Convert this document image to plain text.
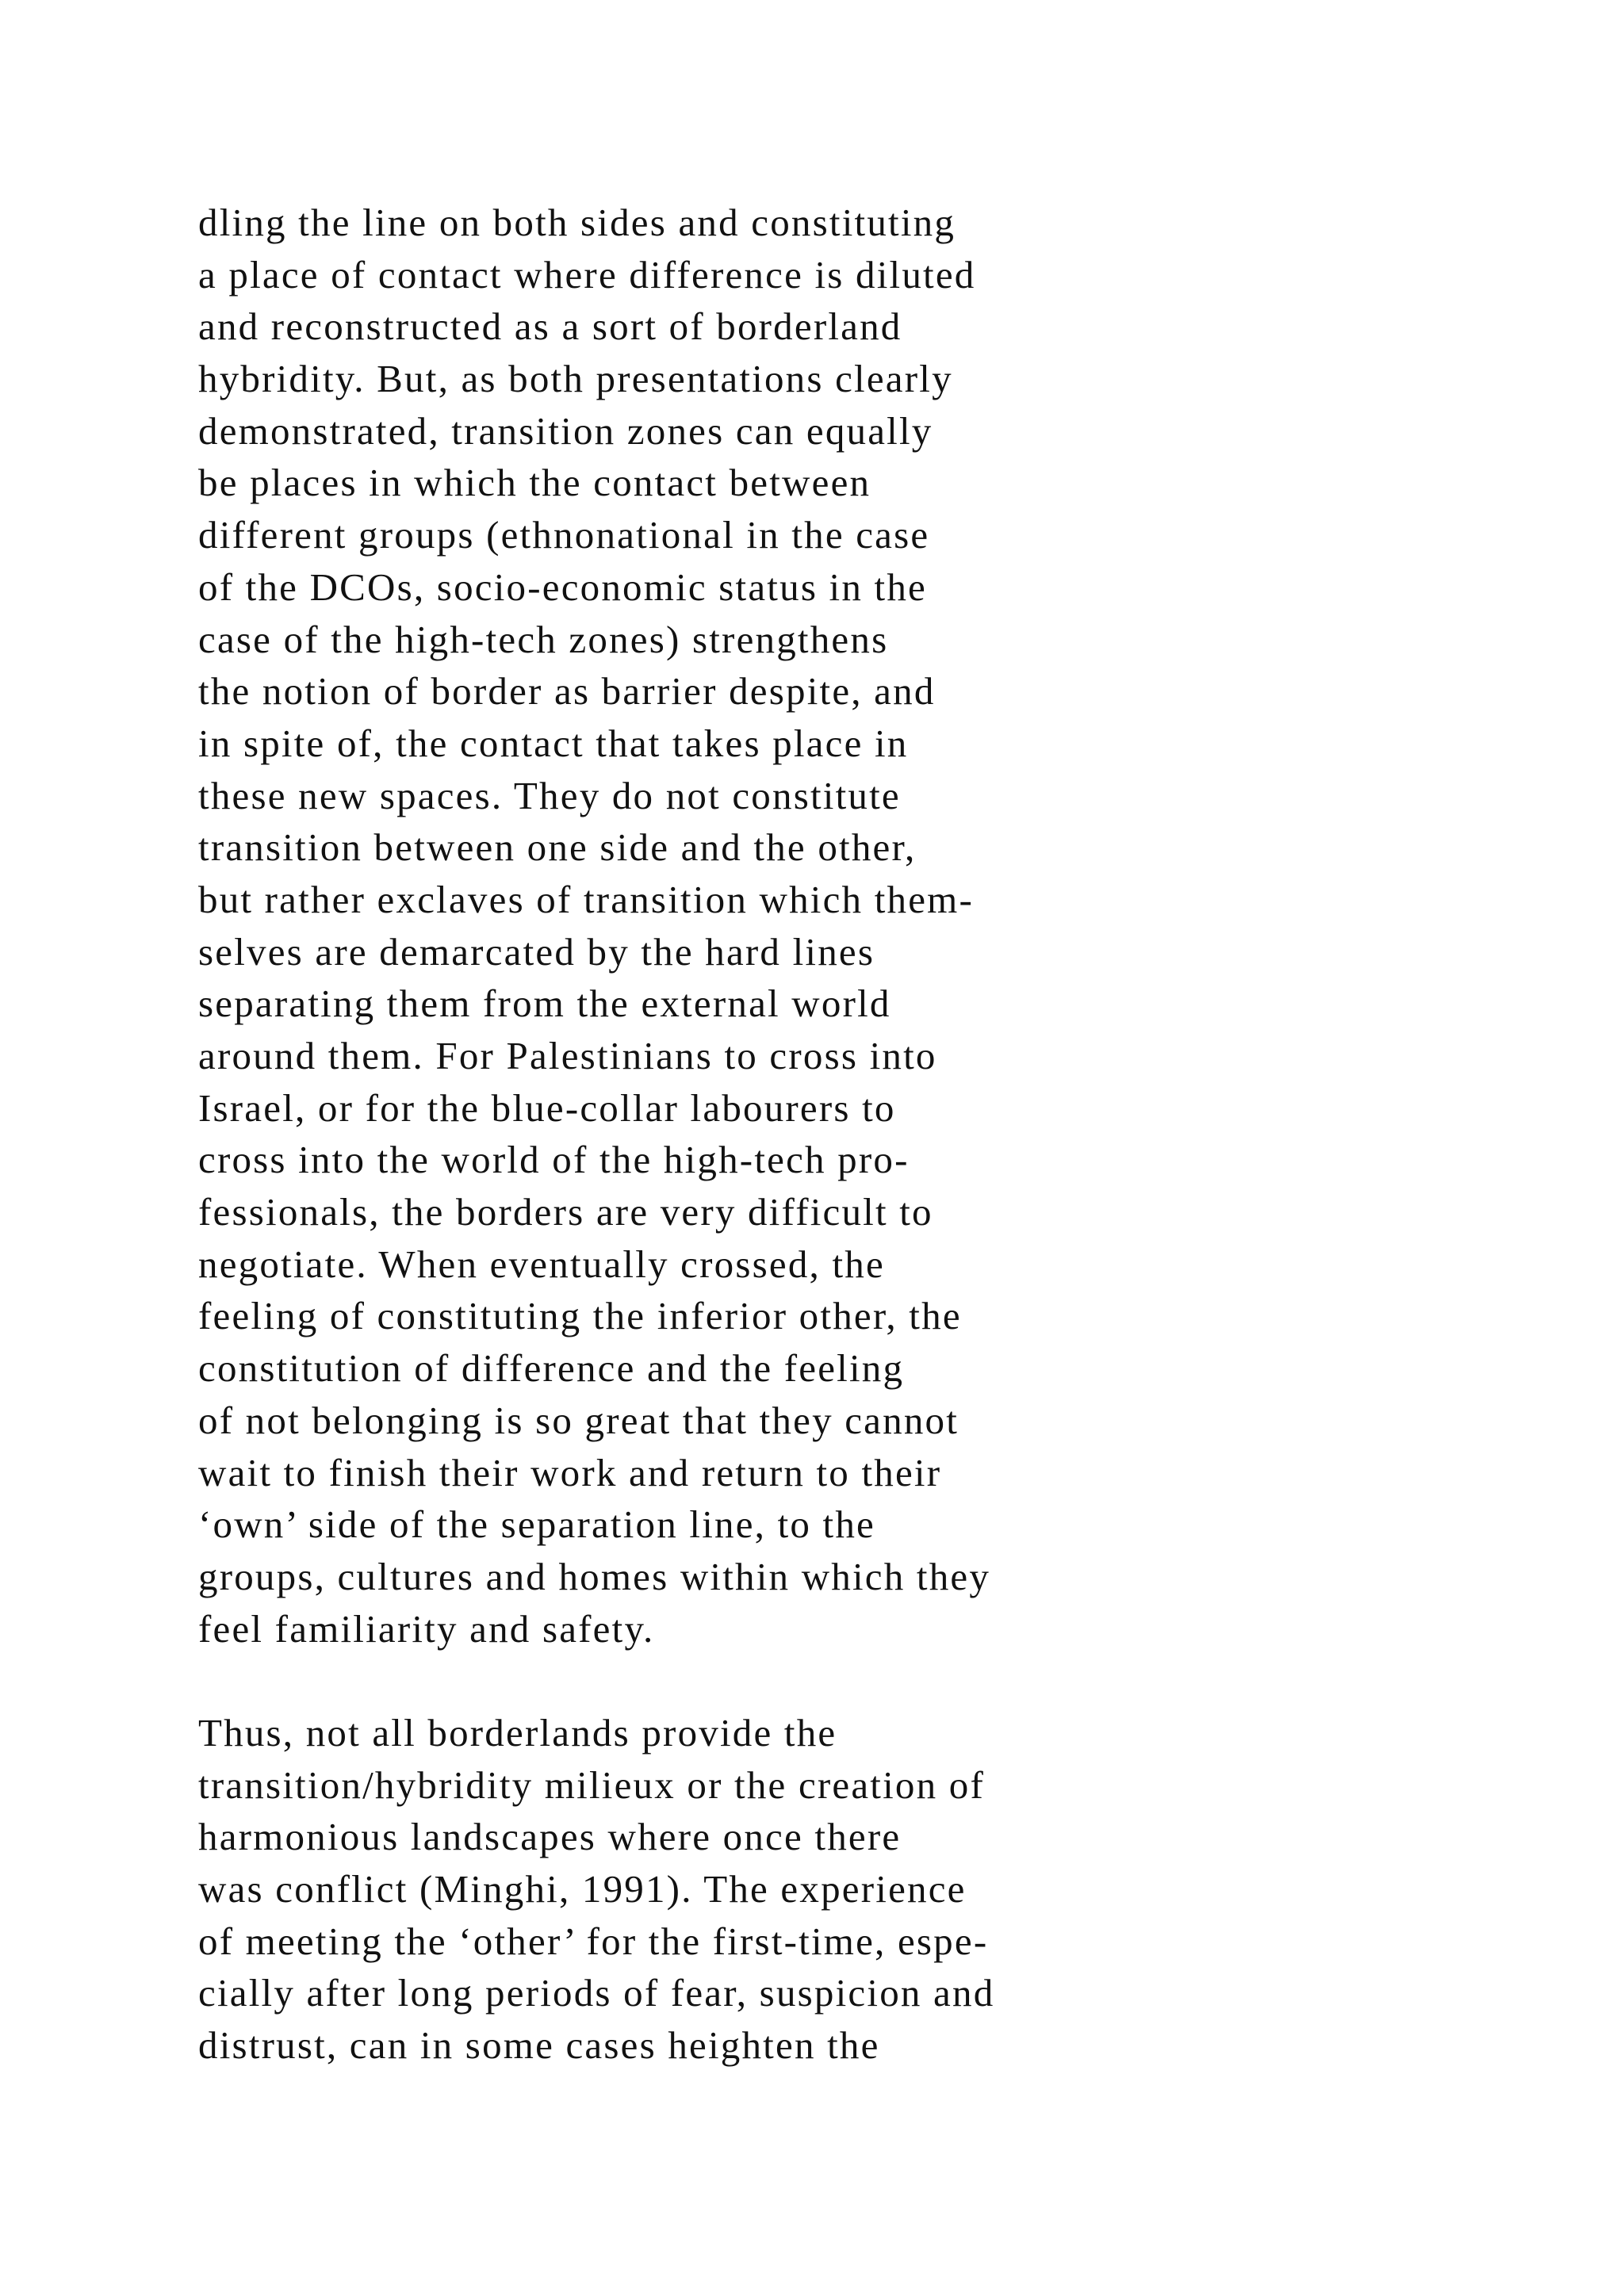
dling the line on both sides and constituting
a place of contact where difference is diluted
and reconstructed as a sort of borderland
hybridity. But, as both presentations clearly
demonstrated, transition zones can equally
be places in which the contact between
different groups (ethnonational in the case
of the DCOs, socio-economic status in the
case of the high-tech zones) strengthens
the notion of border as barrier despite, and
in spite of, the contact that takes place in
these new spaces. They do not constitute
transition between one side and the other,
but rather exclaves of transition which them-
selves are demarcated by the hard lines
separating them from the external world
around them. For Palestinians to cross into
Israel, or for the blue-collar labourers to
cross into the world of the high-tech pro-
fessionals, the borders are very difficult to
negotiate. When eventually crossed, the
feeling of constituting the inferior other, the
constitution of difference and the feeling
of not belonging is so great that they cannot
wait to finish their work and return to their
‘own’ side of the separation line, to the
groups, cultures and homes within which they
feel familiarity and safety.
Thus, not all borderlands provide the
transition/hybridity milieux or the creation of
harmonious landscapes where once there
was conflict (Minghi, 1991). The experience
of meeting the ‘other’ for the first-time, espe-
cially after long periods of fear, suspicion and
distrust, can in some cases heighten the
